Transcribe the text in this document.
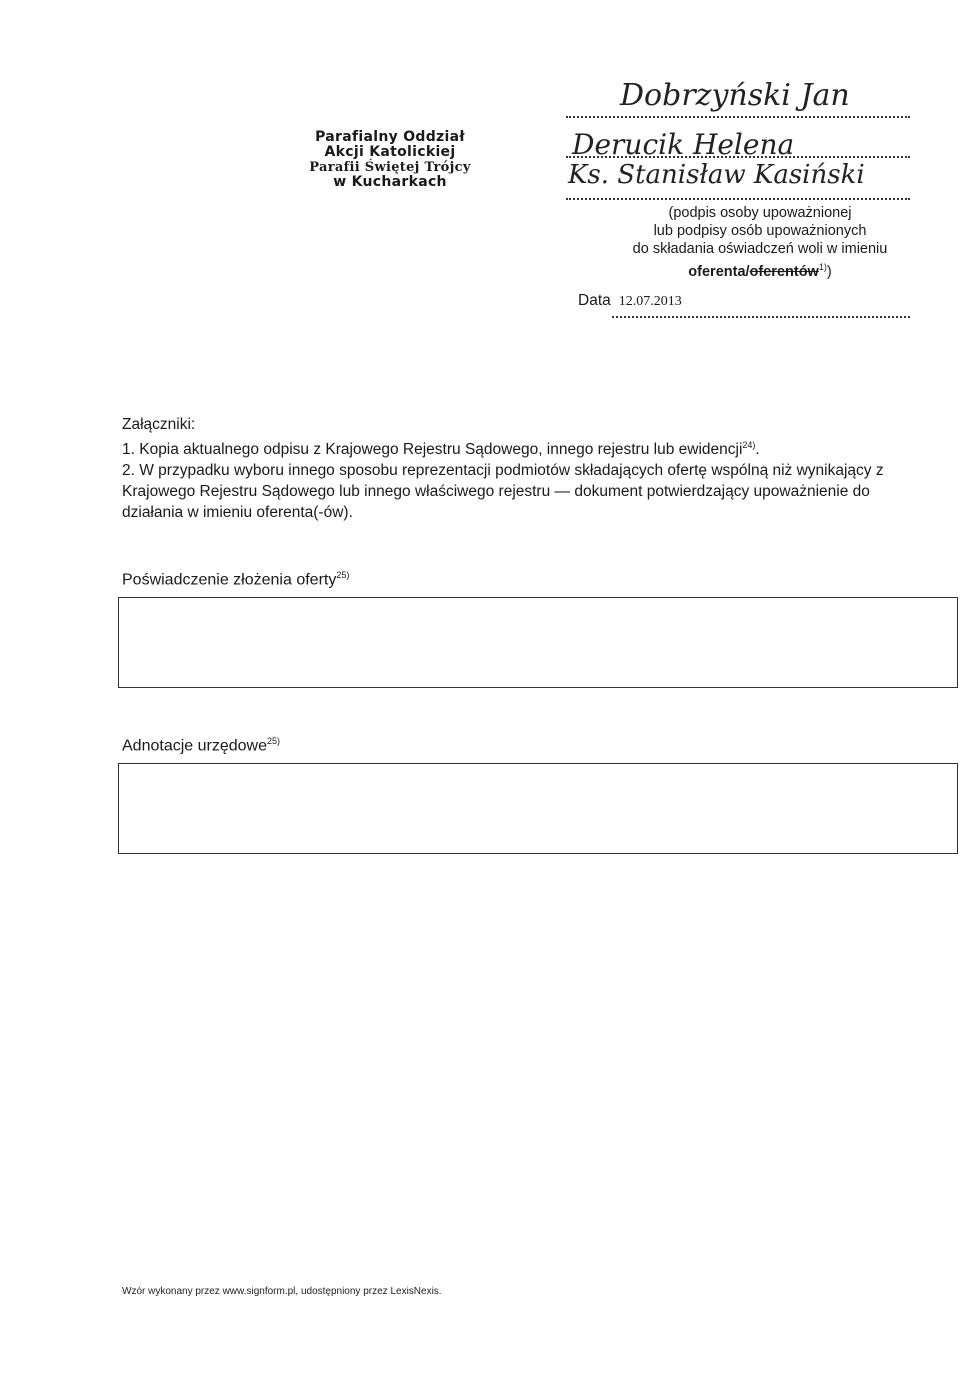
Parafialny Oddział
Akcji Katolickiej
Parafii Świętej Trójcy
w Kucharkach
Dobrzyński Jan
Derucik Helena
Ks. Stanisław Kasiński
(podpis osoby upoważnionej
lub podpisy osób upoważnionych
do składania oświadczeń woli w imieniu
oferenta/oferentów$^{1)}$)
Data 12.07.2013

Załączniki:

1. Kopia aktualnego odpisu z Krajowego Rejestru Sądowego, innego rejestru lub ewidencji$^{24)}$.

2. W przypadku wyboru innego sposobu reprezentacji podmiotów składających ofertę wspólną niż wynikający z Krajowego Rejestru Sądowego lub innego właściwego rejestru — dokument potwierdzający upoważnienie do działania w imieniu oferenta(-ów).

Poświadczenie złożenia oferty$^{25)}$
Adnotacje urzędowe$^{25)}$
Wzór wykonany przez www.signform.pl, udostępniony przez LexisNexis.
